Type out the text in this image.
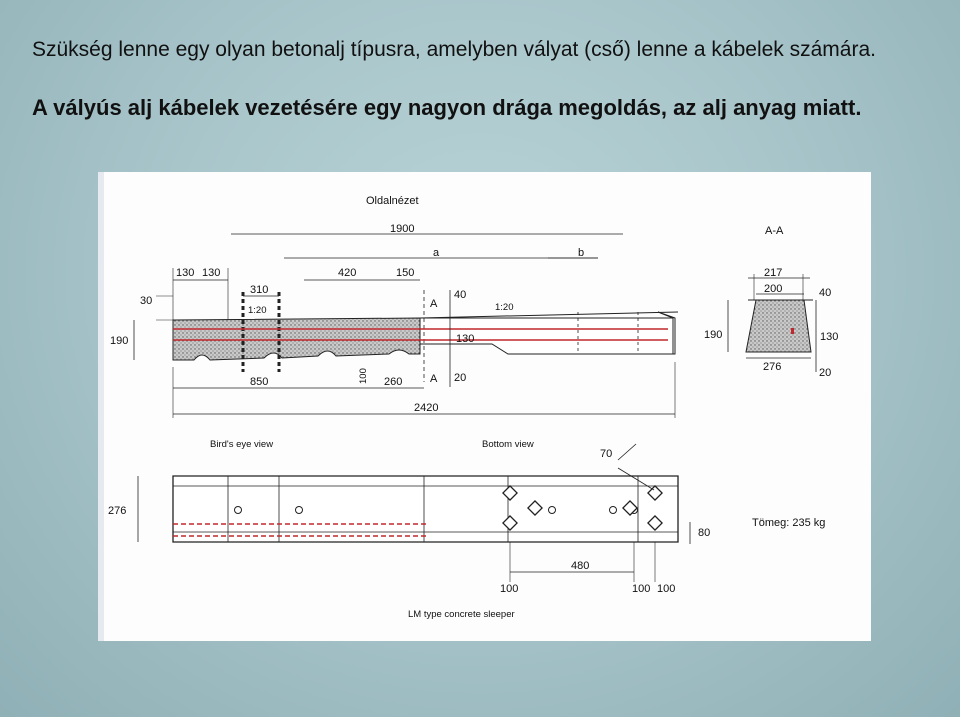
Szükség lenne egy olyan betonalj típusra, amelyben vályat (cső) lenne a kábelek számára.
A vályús alj kábelek vezetésére egy nagyon drága megoldás, az alj anyag miatt.
Oldalnézet
1900
a	b
130 130	420	150
310
1:20	1:20
30
190
A
40
130
A 20
850	100 260
2420
A-A
217
200	40
190	130
276	20
Bird's eye view	Bottom view
276
70
80
Tömeg: 235 kg
480
100	100 100
LM type concrete sleeper
